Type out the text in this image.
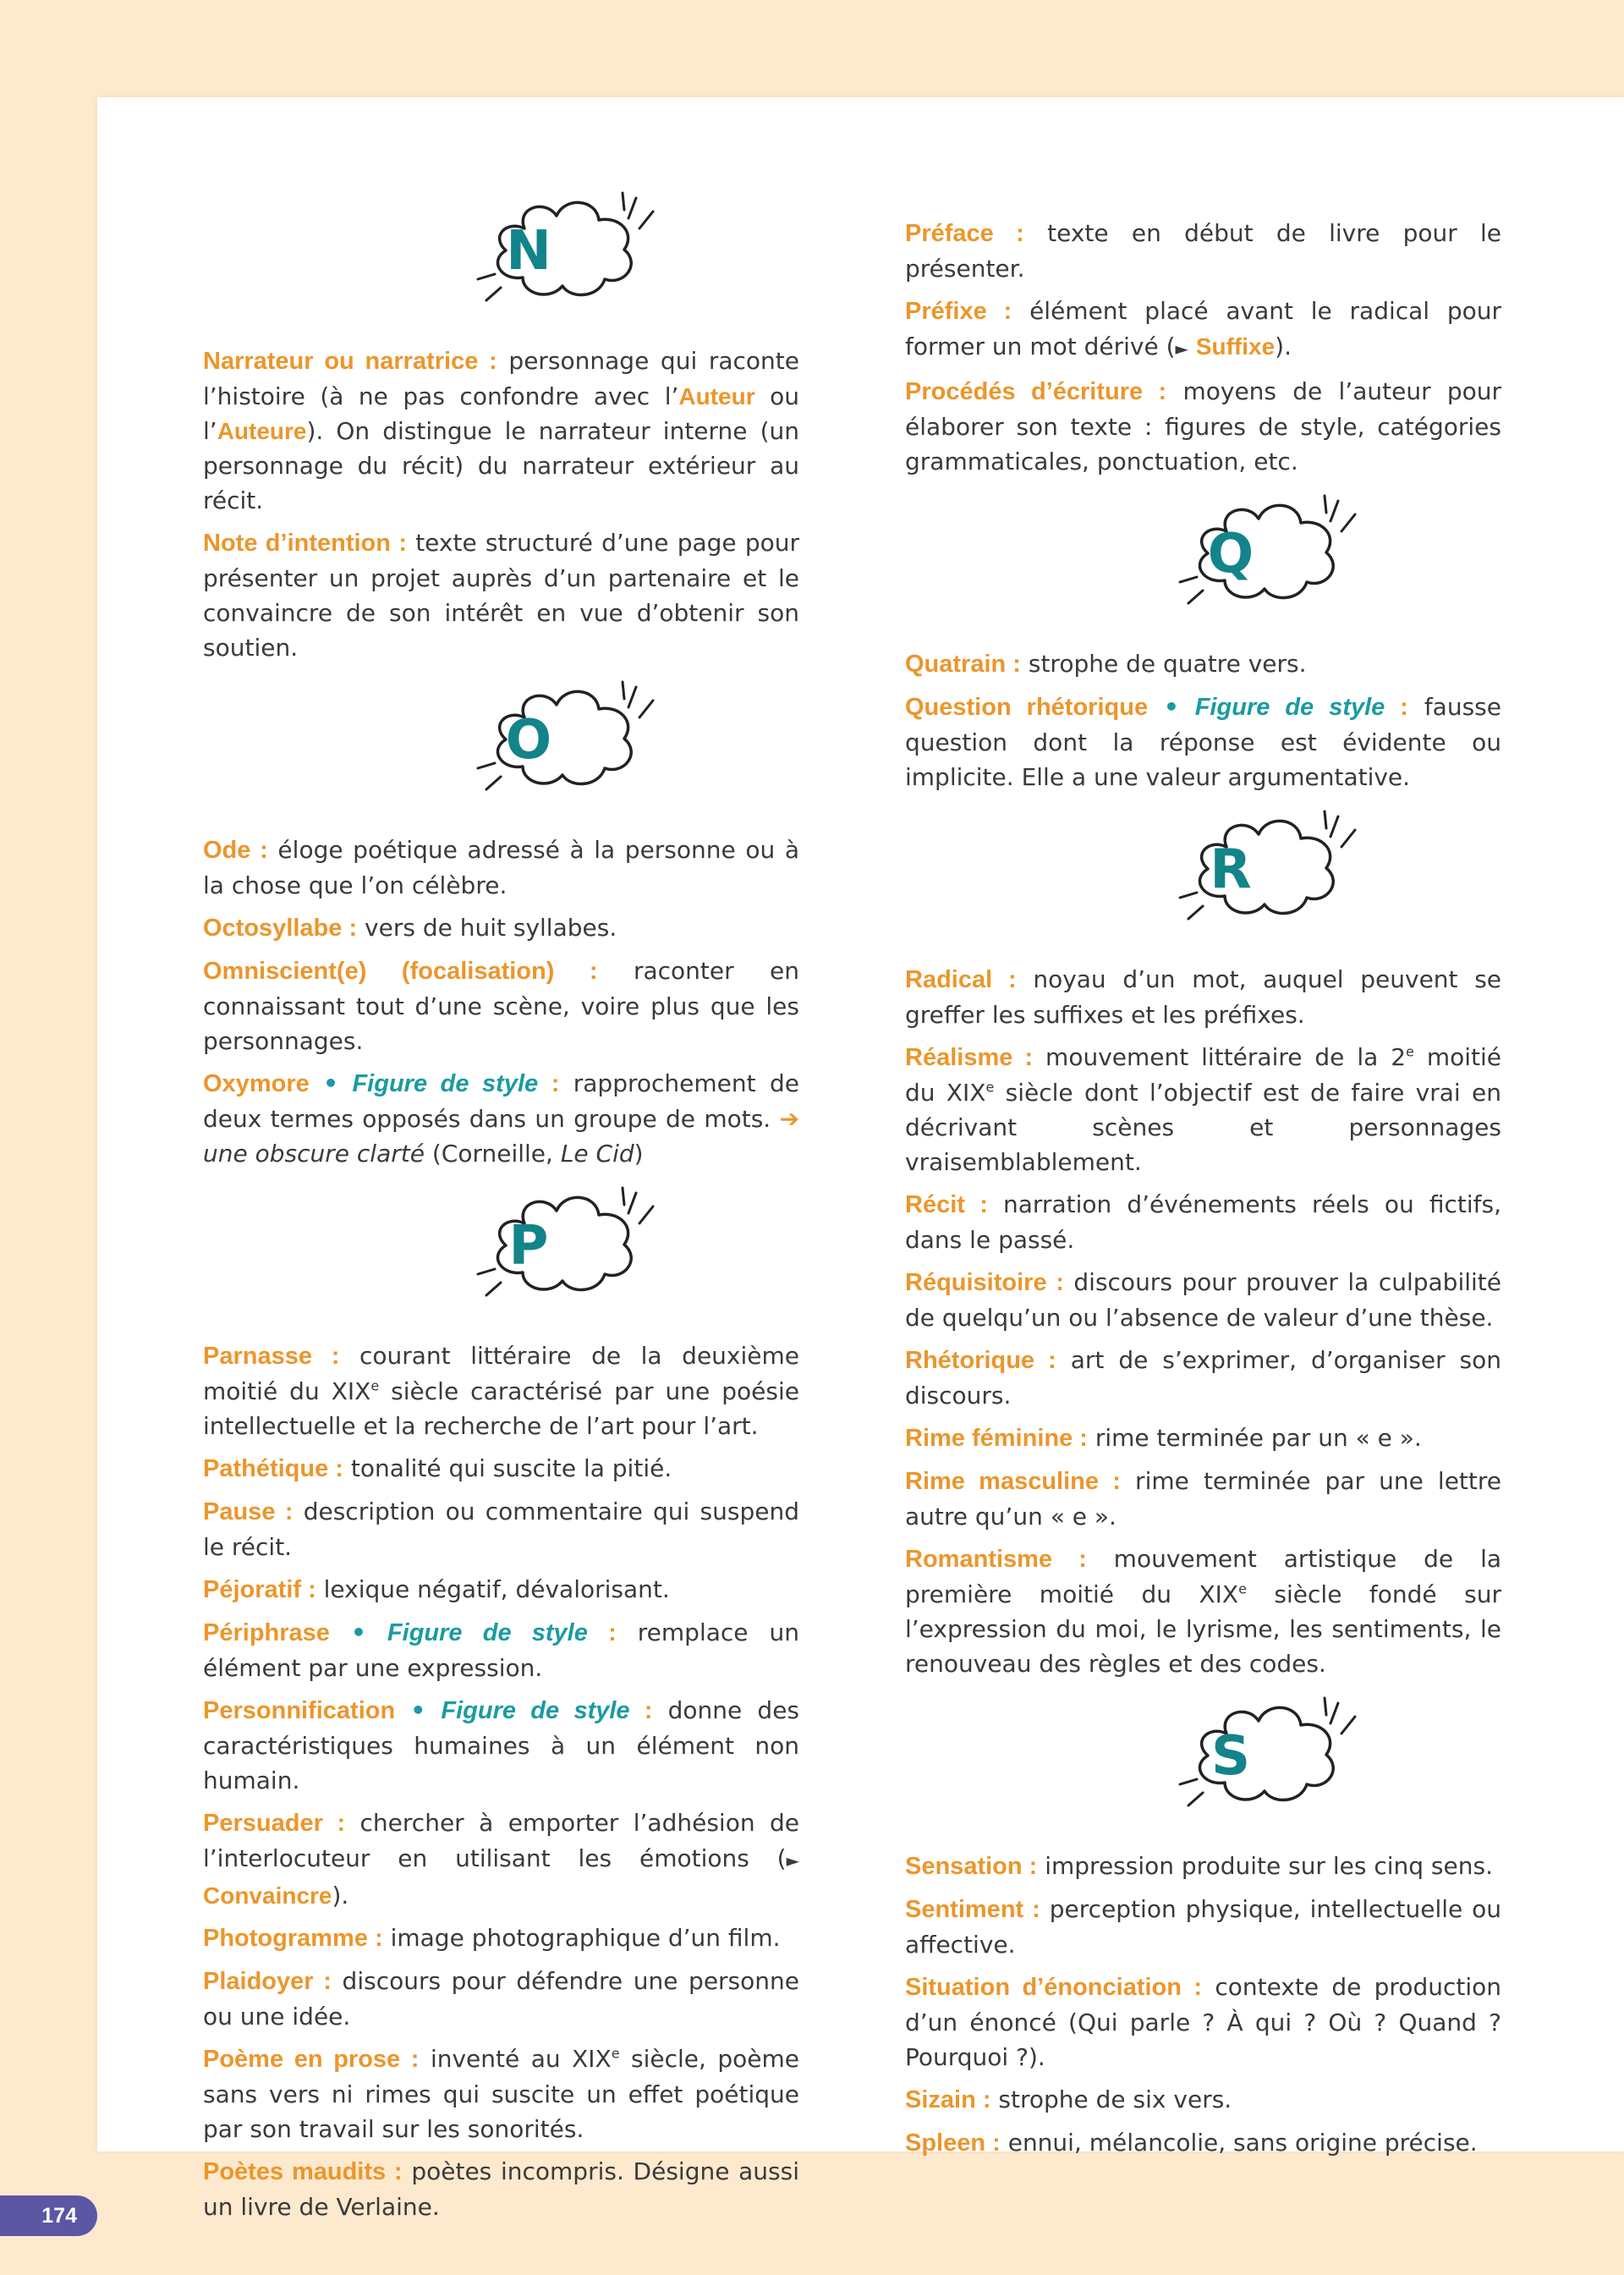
N

Narrateur ou narratrice : personnage qui raconte l’histoire (à ne pas confondre avec l’Auteur ou l’Auteure). On distingue le narrateur interne (un personnage du récit) du narrateur extérieur au récit.

Note d’intention : texte structuré d’une page pour présenter un projet auprès d’un partenaire et le convaincre de son intérêt en vue d’obtenir son soutien.

O

Ode : éloge poétique adressé à la personne ou à la chose que l’on célèbre.

Octosyllabe : vers de huit syllabes.

Omniscient(e) (focalisation) : raconter en connaissant tout d’une scène, voire plus que les personnages.

Oxymore • Figure de style : rapprochement de deux termes opposés dans un groupe de mots. ➔ une obscure clarté (Corneille, Le Cid)

P

Parnasse : courant littéraire de la deuxième moitié du XIXe siècle caractérisé par une poésie intellectuelle et la recherche de l’art pour l’art.

Pathétique : tonalité qui suscite la pitié.

Pause : description ou commentaire qui suspend le récit.

Péjoratif : lexique négatif, dévalorisant.

Périphrase • Figure de style : remplace un élément par une expression.

Personnification • Figure de style : donne des caractéristiques humaines à un élément non humain.

Persuader : chercher à emporter l’adhésion de l’interlocuteur en utilisant les émotions (► Convaincre).

Photogramme : image photographique d’un film.

Plaidoyer : discours pour défendre une personne ou une idée.

Poème en prose : inventé au XIXe siècle, poème sans vers ni rimes qui suscite un effet poétique par son travail sur les sonorités.

Poètes maudits : poètes incompris. Désigne aussi un livre de Verlaine.

Préface : texte en début de livre pour le présenter.

Préfixe : élément placé avant le radical pour former un mot dérivé (► Suffixe).

Procédés d’écriture : moyens de l’auteur pour élaborer son texte : figures de style, catégories grammaticales, ponctuation, etc.

Q

Quatrain : strophe de quatre vers.

Question rhétorique • Figure de style : fausse question dont la réponse est évidente ou implicite. Elle a une valeur argumentative.

R

Radical : noyau d’un mot, auquel peuvent se greffer les suffixes et les préfixes.

Réalisme : mouvement littéraire de la 2e moitié du XIXe siècle dont l’objectif est de faire vrai en décrivant scènes et personnages vraisemblablement.

Récit : narration d’événements réels ou fictifs, dans le passé.

Réquisitoire : discours pour prouver la culpabilité de quelqu’un ou l’absence de valeur d’une thèse.

Rhétorique : art de s’exprimer, d’organiser son discours.

Rime féminine : rime terminée par un « e ».

Rime masculine : rime terminée par une lettre autre qu’un « e ».

Romantisme : mouvement artistique de la première moitié du XIXe siècle fondé sur l’expression du moi, le lyrisme, les sentiments, le renouveau des règles et des codes.

S

Sensation : impression produite sur les cinq sens.

Sentiment : perception physique, intellectuelle ou affective.

Situation d’énonciation : contexte de production d’un énoncé (Qui parle ? À qui ? Où ? Quand ? Pourquoi ?).

Sizain : strophe de six vers.

Spleen : ennui, mélancolie, sans origine précise.

174
